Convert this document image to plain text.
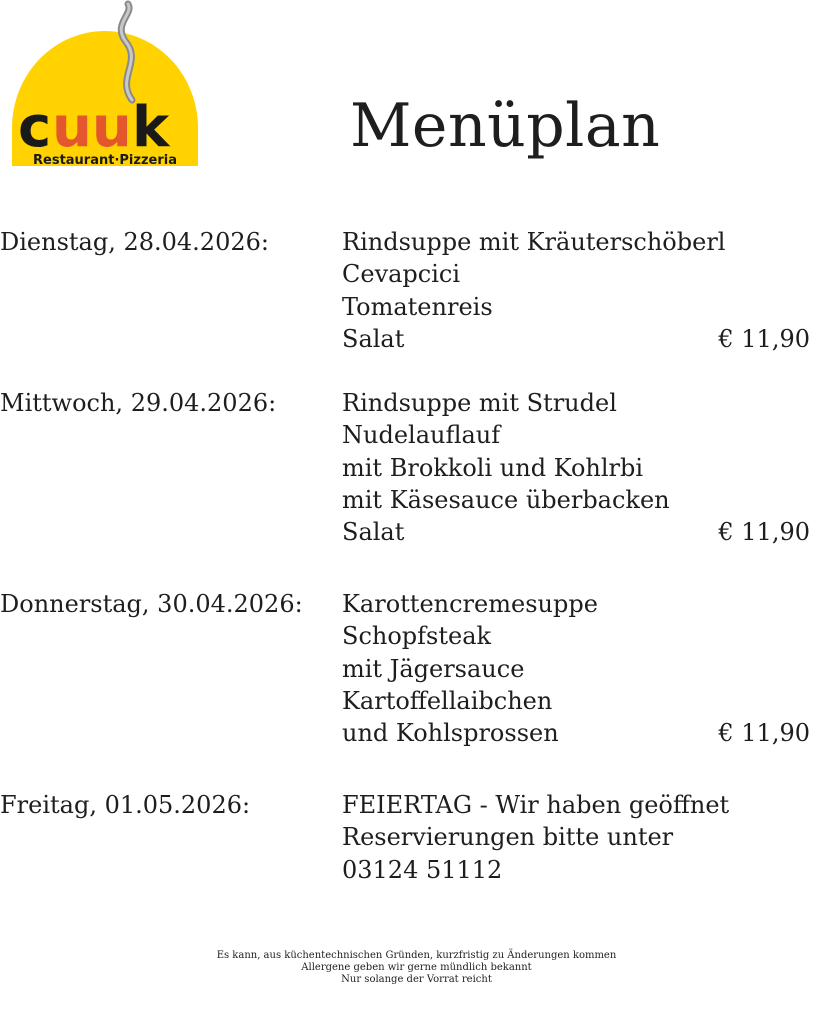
c uu k
Restaurant·Pizzeria	Menüplan
Dienstag, 28.04.2026:	Rindsuppe mit Kräuterschöberl
Cevapcici
Tomatenreis
Salat	€ 11,90
Mittwoch, 29.04.2026:	Rindsuppe mit Strudel
Nudelauflauf
mit Brokkoli und Kohlrbi
mit Käsesauce überbacken
Salat	€ 11,90
Donnerstag, 30.04.2026: Karottencremesuppe
Schopfsteak
mit Jägersauce
Kartoffellaibchen
und Kohlsprossen	€ 11,90
Freitag, 01.05.2026:	FEIERTAG - Wir haben geöffnet
Reservierungen bitte unter
03124 51112
Es kann, aus küchentechnischen Gründen, kurzfristig zu Änderungen kommen
Allergene geben wir gerne mündlich bekannt
Nur solange der Vorrat reicht
